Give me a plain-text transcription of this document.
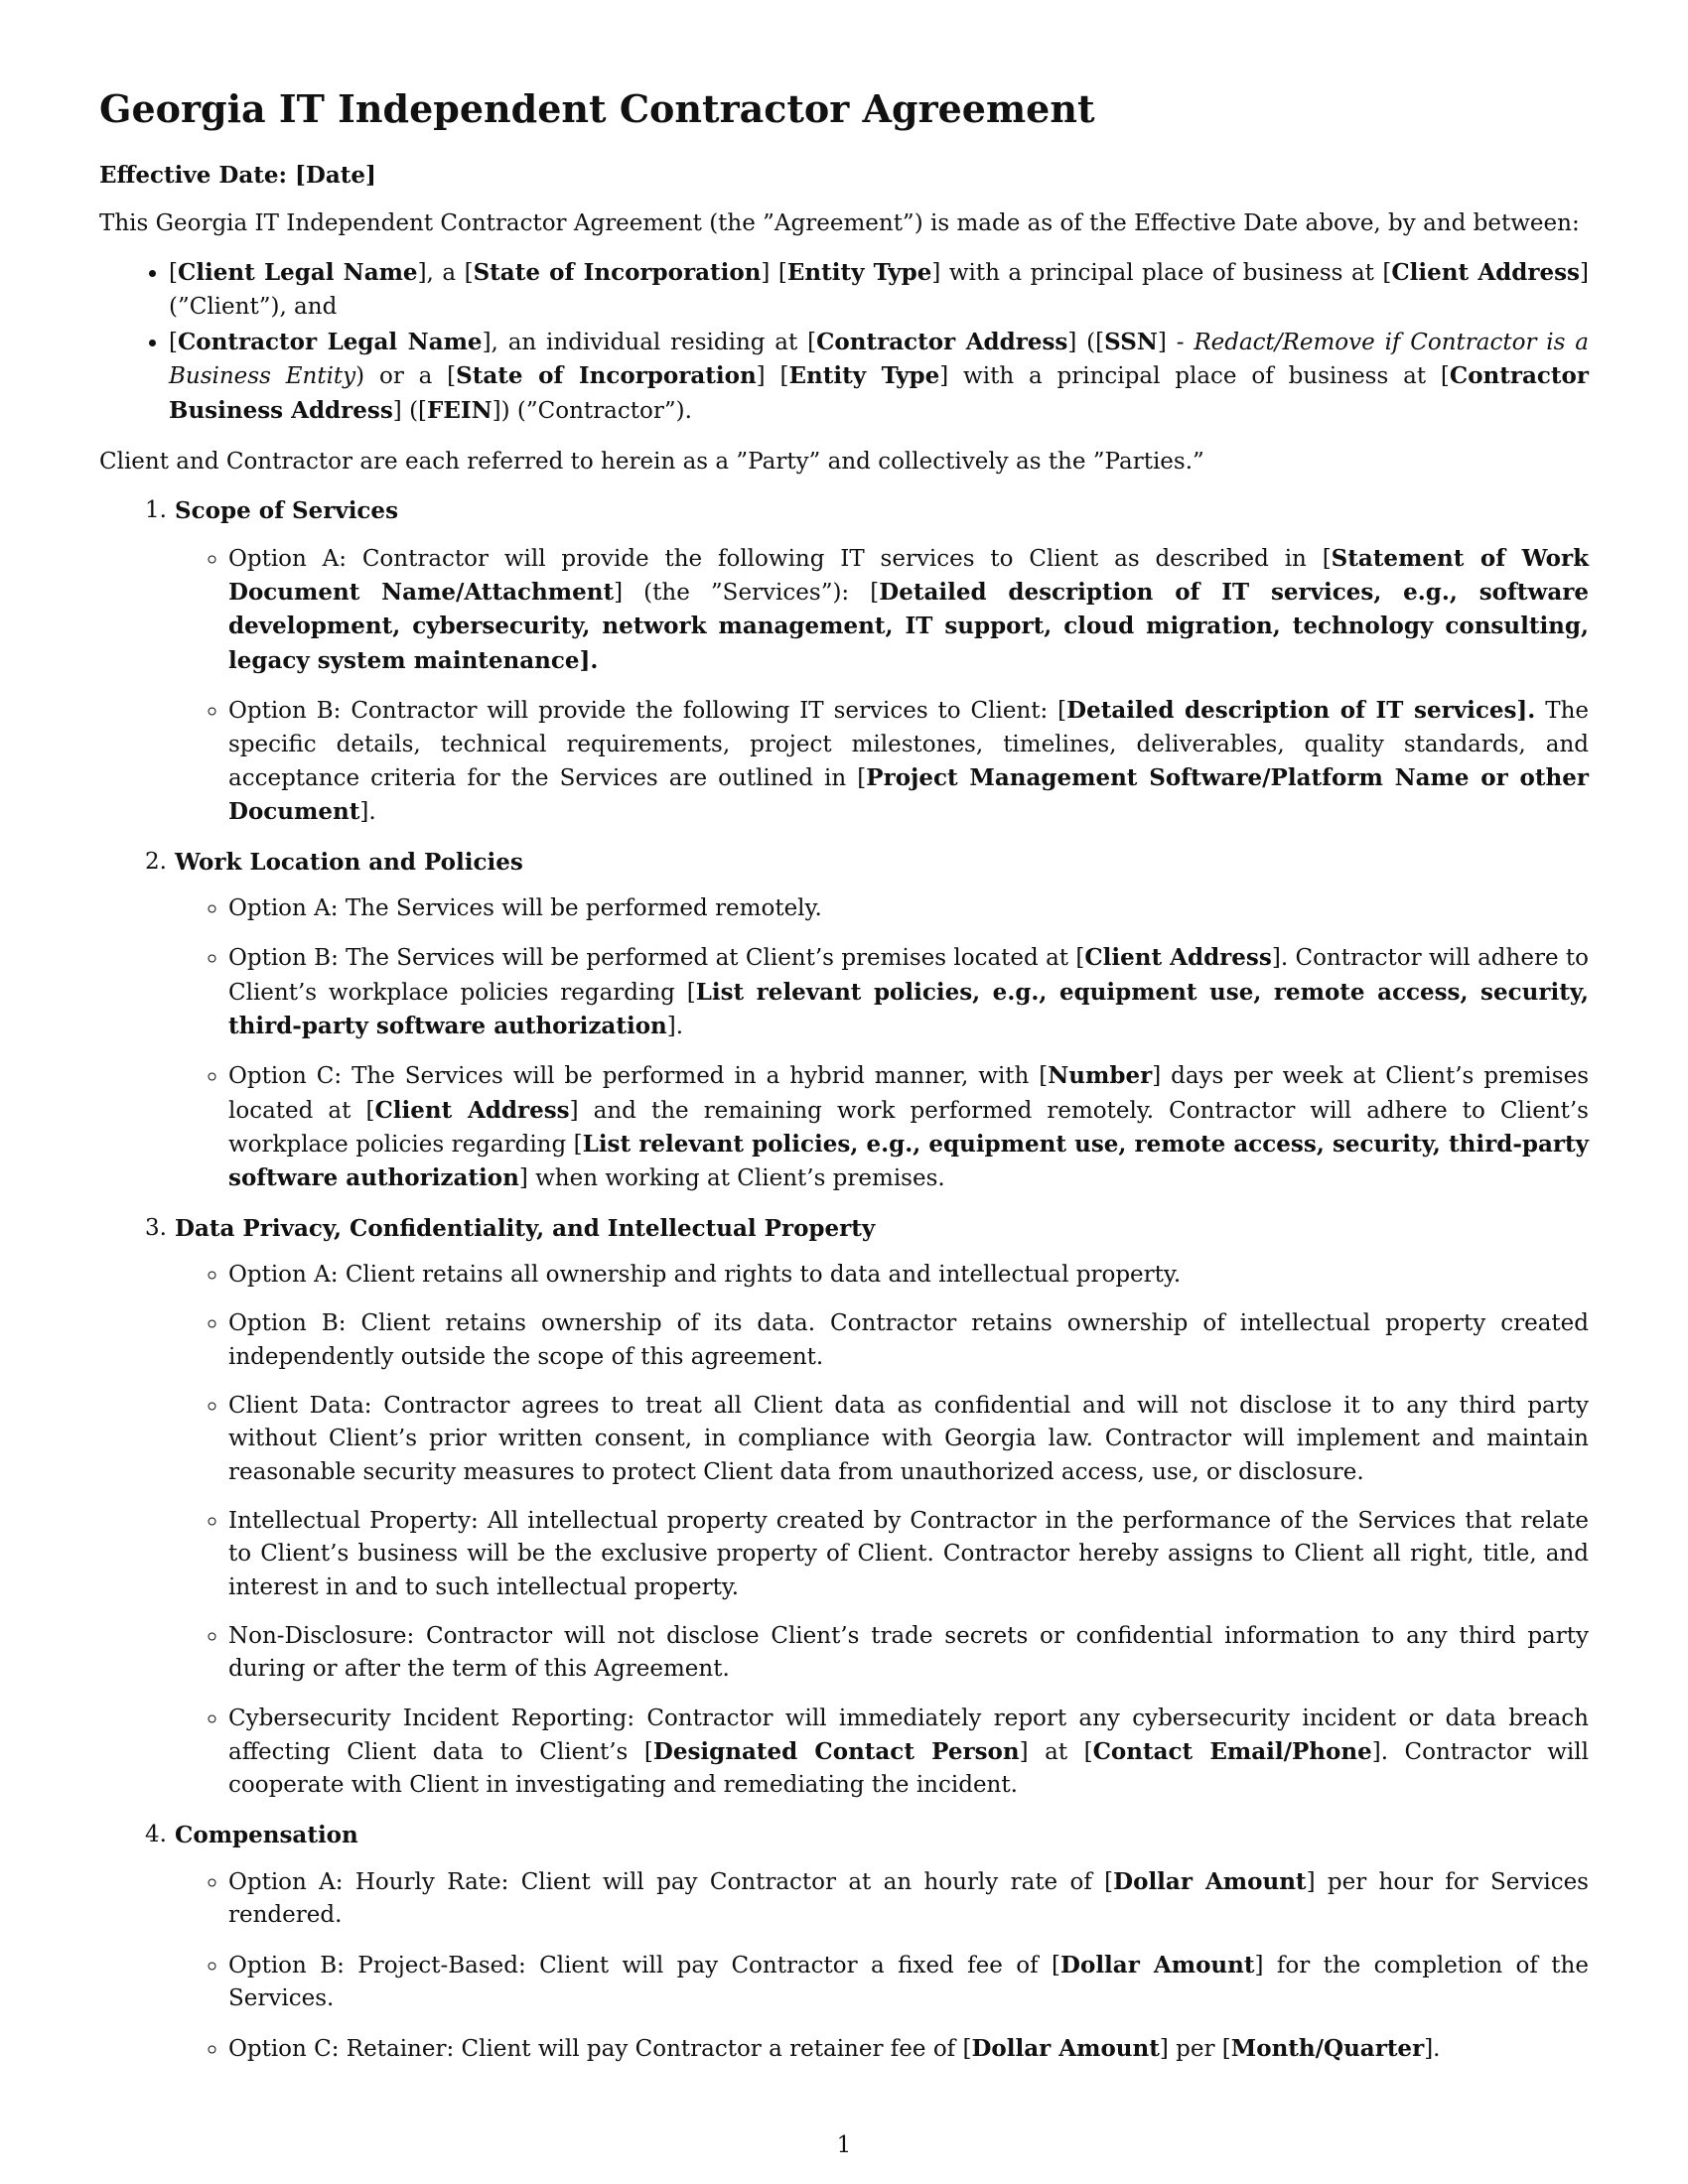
Georgia IT Independent Contractor Agreement
Effective Date: [Date]

This Georgia IT Independent Contractor Agreement (the ”Agreement”) is made as of the Effective Date above, by and between:

• [Client Legal Name], a [State of Incorporation] [Entity Type] with a principal place of business at [Client Address] (”Client”), and
• [Contractor Legal Name], an individual residing at [Contractor Address] ([SSN] - Redact/Remove if Contractor is a Business Entity) or a [State of Incorporation] [Entity Type] with a principal place of business at [Contractor Business Address] ([FEIN]) (”Contractor”).

Client and Contractor are each referred to herein as a ”Party” and collectively as the ”Parties.”

1. Scope of Services
◦ Option A: Contractor will provide the following IT services to Client as described in [Statement of Work Document Name/Attachment] (the ”Services”): [Detailed description of IT services, e.g., software development, cybersecurity, network management, IT support, cloud migration, technology consulting, legacy system maintenance].
◦ Option B: Contractor will provide the following IT services to Client: [Detailed description of IT services]. The specific details, technical requirements, project milestones, timelines, deliverables, quality standards, and acceptance criteria for the Services are outlined in [Project Management Software/Platform Name or other Document].
2. Work Location and Policies
◦ Option A: The Services will be performed remotely.
◦ Option B: The Services will be performed at Client’s premises located at [Client Address]. Contractor will adhere to Client’s workplace policies regarding [List relevant policies, e.g., equipment use, remote access, security, third-party software authorization].
◦ Option C: The Services will be performed in a hybrid manner, with [Number] days per week at Client’s premises located at [Client Address] and the remaining work performed remotely. Contractor will adhere to Client’s workplace policies regarding [List relevant policies, e.g., equipment use, remote access, security, third-party software authorization] when working at Client’s premises.
3. Data Privacy, Confidentiality, and Intellectual Property
◦ Option A: Client retains all ownership and rights to data and intellectual property.
◦ Option B: Client retains ownership of its data. Contractor retains ownership of intellectual property created independently outside the scope of this agreement.
◦ Client Data: Contractor agrees to treat all Client data as confidential and will not disclose it to any third party without Client’s prior written consent, in compliance with Georgia law. Contractor will implement and maintain reasonable security measures to protect Client data from unauthorized access, use, or disclosure.
◦ Intellectual Property: All intellectual property created by Contractor in the performance of the Services that relate to Client’s business will be the exclusive property of Client. Contractor hereby assigns to Client all right, title, and interest in and to such intellectual property.
◦ Non-Disclosure: Contractor will not disclose Client’s trade secrets or confidential information to any third party during or after the term of this Agreement.
◦ Cybersecurity Incident Reporting: Contractor will immediately report any cybersecurity incident or data breach affecting Client data to Client’s [Designated Contact Person] at [Contact Email/Phone]. Contractor will cooperate with Client in investigating and remediating the incident.
4. Compensation
◦ Option A: Hourly Rate: Client will pay Contractor at an hourly rate of [Dollar Amount] per hour for Services rendered.
◦ Option B: Project-Based: Client will pay Contractor a fixed fee of [Dollar Amount] for the completion of the Services.
◦ Option C: Retainer: Client will pay Contractor a retainer fee of [Dollar Amount] per [Month/Quarter].
1
